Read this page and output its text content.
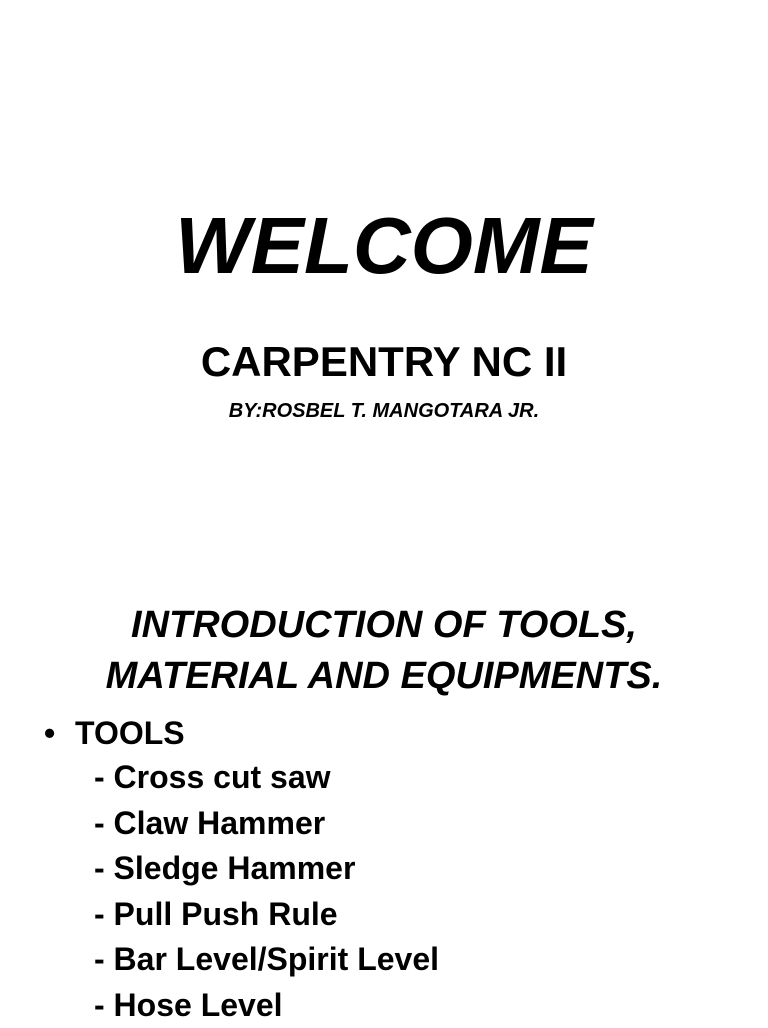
WELCOME
CARPENTRY NC II
BY:ROSBEL T. MANGOTARA JR.
INTRODUCTION OF TOOLS,
MATERIAL AND EQUIPMENTS.
• TOOLS
- Cross cut saw
- Claw Hammer
- Sledge Hammer
- Pull Push Rule
- Bar Level/Spirit Level
- Hose Level
